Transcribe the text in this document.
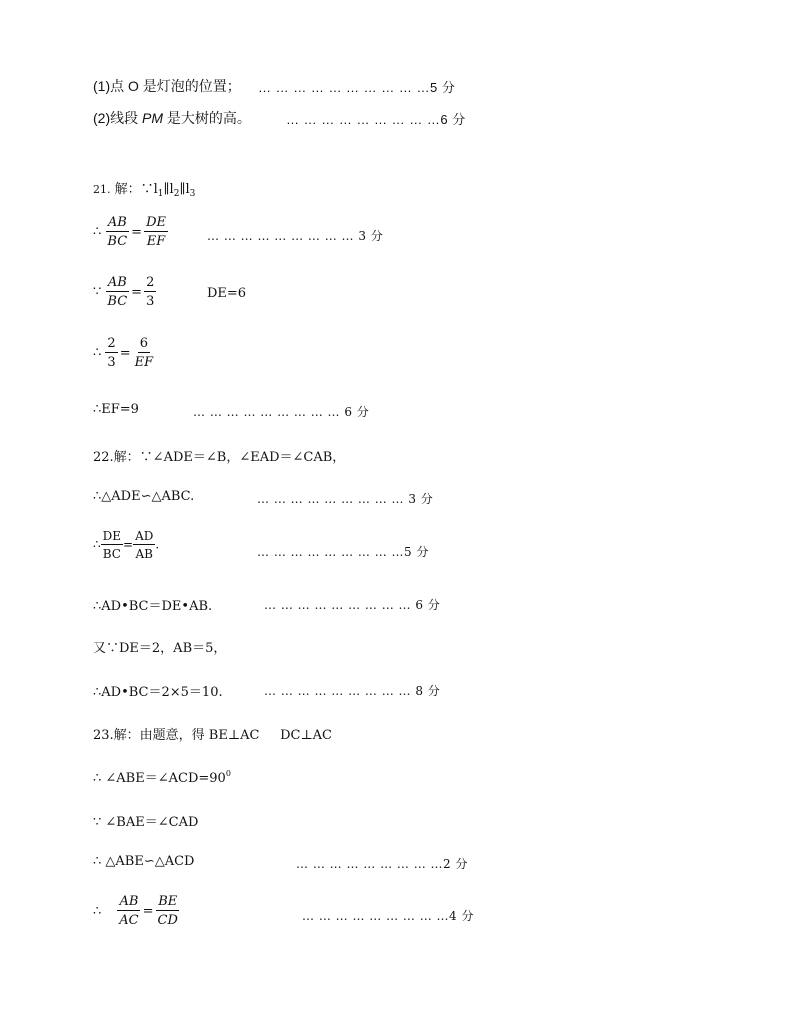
(1)点 O 是灯泡的位置； … … … … … … … … … …5 分
(2)线段 PM 是大树的高。	… … … … … … … … …6 分
21. 解：$\because l_1\parallel l_2\parallel l_3$
∴ $\frac{AB}{BC} = \frac{DE}{EF}$	… … … … … … … … … 3 分
∵ $\frac{AB}{BC} = \frac{2}{3}$	DE=6
∴ $\frac{2}{3} = \frac{6}{EF}$
∴EF=9	… … … … … … … … … 6 分
22.解：∵∠ADE＝∠B，∠EAD＝∠CAB，
∴△ADE∽△ABC.	… … … … … … … … … 3 分
∴ $\frac{DE}{BC} = \frac{AD}{AB}$ .
… … … … … … … … …5 分
∴AD•BC＝DE•AB.	… … … … … … … … … 6 分
又∵DE＝2，AB＝5，
∴AD•BC＝2×5＝10.	… … … … … … … … … 8 分
23.解：由题意，得 BE⊥AC     DC⊥AC
∴ $\angle ABE=\angle ACD=90^0$
∵ ∠BAE＝∠CAD
∴ △ABE∽△ACD	… … … … … … … … …2 分
∴ $\frac{AB}{AC} = \frac{BE}{CD}$	… … … … … … … … …4 分
